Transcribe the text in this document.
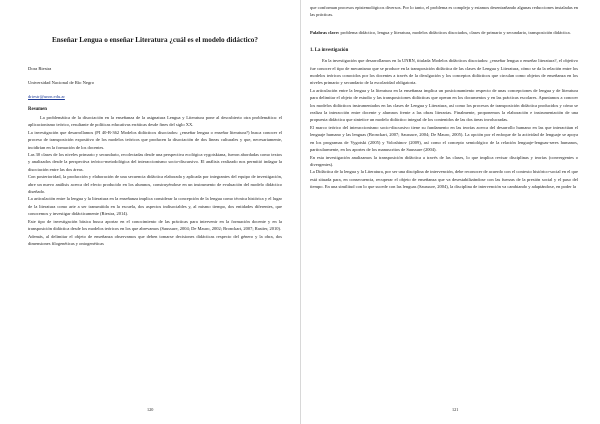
Enseñar Lengua o enseñar Literatura ¿cuál es el modelo didáctico?
Dora Riestra
Universidad Nacional de Río Negro
driestr@unrn.edu.ar
Resumen

La problemática de la disociación en la enseñanza de la asignatura Lengua y Literatura pone al descubierto otra problemática: el aplicacionismo teórico, resultante de políticas educativas erráticas desde fines del siglo XX.

La investigación que desarrollamos (PI 40-B-362 Modelos didácticos disociados: ¿enseñar lengua o enseñar literatura?) busca conocer el proceso de transposición expositivo de los modelos teóricos que producen la disociación de dos líneas culturales y que, necesariamente, incidirían en la formación de los docentes.

Las 30 clases de los niveles primario y secundario, recolectadas desde una perspectiva ecológica vygotskiana, fueron abordadas como textos y analizados desde la perspectiva teórico-metodológica del interaccionismo socio-discursivo. El análisis realizado nos permitió indagar la disociación entre las dos áreas.

Con posterioridad, la producción y elaboración de una secuencia didáctica elaborada y aplicada por integrantes del equipo de investigación, abre un nuevo análisis acerca del efecto producido en los alumnos, construyéndose en un instrumento de evaluación del modelo didáctico diseñado.

La articulación entre la lengua y la literatura en la enseñanza implica considerar la concepción de la lengua como técnica histórica y el lugar de la literatura como arte a ser transmitida en la escuela, dos aspectos indisociables y, al mismo tiempo, dos entidades diferentes, que conocemos y investigar didácticamente (Riestra, 2014).

Este tipo de investigación básica busca aportar en el conocimiento de las prácticas para intervenir en la formación docente y en la transposición didáctica desde los modelos teóricos en los que abrevamos (Saussure, 2004; De Mauro, 2002; Bronckart, 2007; Rastier, 2010).

Además, al delimitar el objeto de enseñanza observamos que deben tomarse decisiones didácticas respecto del género y la obra, dos dimensiones filogenéticas y ontogenéticas

120

que conforman procesos epistemológicos diversos. Por lo tanto, el problema es complejo y estamos desentrañando algunas reducciones instaladas en las prácticas.

Palabras clave: problema didáctico, lengua y literatura, modelos didácticos disociados, clases de primario y secundario, transposición didáctica.

1. La investigación

En la investigación que desarrollamos en la UNRN, titulada Modelos didácticos disociados: ¿enseñar lengua o enseñar literatura?, el objetivo fue conocer el tipo de mecanismo que se produce en la transposición didáctica de las clases de Lengua y Literatura, cómo se da la relación entre los modelos teóricos conocidos por los docentes a través de la divulgación y los conceptos didácticos que circulan como objetos de enseñanza en los niveles primario y secundario de la escolaridad obligatoria.

La articulación entre la lengua y la literatura en la enseñanza implica un posicionamiento respecto de unas concepciones de lengua y de literatura para delimitar el objeto de estudio y las transposiciones didácticas que operan en los documentos y en las prácticas escolares. Apuntamos a conocer los modelos didácticos instrumentados en las clases de Lengua y Literatura, así como los procesos de transposición didáctica producidos y cómo se realiza la interacción entre docente y alumnos frente a las obras literarias. Finalmente, proponemos la elaboración e instrumentación de una propuesta didáctica que sintetice un modelo didáctico integral de los contenidos de las dos áreas involucradas.

El marco teórico del interaccionismo socio-discursivo tiene su fundamento en las teorías acerca del desarrollo humano en las que interactúan el lenguaje humano y las lenguas (Bronckart, 2007; Saussure, 2004; De Mauro, 2005). La opción por el enfoque de la actividad de lenguaje se apoya en los programas de Vygotski (2005) y Voloshinov (2009), así como el concepto semiológico de la relación lenguaje-lenguas-seres humanos, particularmente, en los aportes de los manuscritos de Saussure (2004).

En esta investigación analizamos la transposición didáctica a través de las clases, lo que implica revisar disciplinas y teorías (convergentes o divergentes).

La Didáctica de la lengua y la Literatura, por ser una disciplina de intervención, debe reconocer de acuerdo con el contexto histórico-social en el que está situada para, en consecuencia, recuperar el objeto de enseñanza que va desestabilizándose con las fuerzas de la presión social y el paso del tiempo. En una similitud con lo que sucede con las lenguas (Saussure, 2004), la disciplina de intervención va cambiando y adaptándose, en poder la

121
